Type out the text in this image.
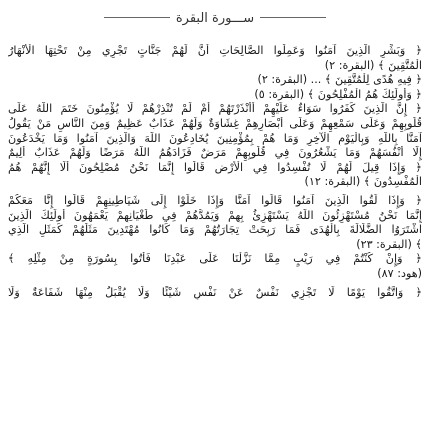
ســـورة البقرة
﴿ وَبَشِّرِ الَّذِينَ آمَنُوا وَعَمِلُوا الصَّالِحَاتِ أَنَّ لَهُمْ جَنَّاتٍ تَجْرِي مِنْ تَحْتِهَا الْأَنْهَارُ
الْمُتَّقِينَ ﴾ (البقرة: ٢)
﴿ فِيهِ هُدًى لِلْمُتَّقِينَ ﴾ ... (البقرة: ٢)
﴿ وَأُولَئِكَ هُمُ الْمُفْلِحُونَ ﴾ (البقرة: ٥)
﴿ إِنَّ الَّذِينَ كَفَرُوا سَوَاءٌ عَلَيْهِمْ أَأَنْذَرْتَهُمْ أَمْ لَمْ تُنْذِرْهُمْ لَا يُؤْمِنُونَ خَتَمَ اللَّهُ عَلَى
قُلُوبِهِمْ وَعَلَى سَمْعِهِمْ وَعَلَى أَبْصَارِهِمْ غِشَاوَةٌ وَلَهُمْ عَذَابٌ عَظِيمٌ وَمِنَ النَّاسِ مَنْ يَقُولُ
آمَنَّا بِاللَّهِ وَبِالْيَوْمِ الْآخِرِ وَمَا هُمْ بِمُؤْمِنِينَ يُخَادِعُونَ اللَّهَ وَالَّذِينَ آمَنُوا وَمَا يَخْدَعُونَ
إِلَّا أَنْفُسَهُمْ وَمَا يَشْعُرُونَ فِي قُلُوبِهِمْ مَرَضٌ فَزَادَهُمُ اللَّهُ مَرَضًا وَلَهُمْ عَذَابٌ أَلِيمٌ
﴿ وَإِذَا قِيلَ لَهُمْ لَا تُفْسِدُوا فِي الْأَرْضِ قَالُوا إِنَّمَا نَحْنُ مُصْلِحُونَ أَلَا إِنَّهُمْ هُمُ
الْمُفْسِدُونَ ﴾ (البقرة: ١٢)
﴿ وَإِذَا لَقُوا الَّذِينَ آمَنُوا قَالُوا آمَنَّا وَإِذَا خَلَوْا إِلَى شَيَاطِينِهِمْ قَالُوا إِنَّا مَعَكُمْ
إِنَّمَا نَحْنُ مُسْتَهْزِئُونَ اللَّهُ يَسْتَهْزِئُ بِهِمْ وَيَمُدُّهُمْ فِي طُغْيَانِهِمْ يَعْمَهُونَ أُولَئِكَ الَّذِينَ
اشْتَرَوُا الضَّلَالَةَ بِالْهُدَى فَمَا رَبِحَتْ تِجَارَتُهُمْ وَمَا كَانُوا مُهْتَدِينَ مَثَلُهُمْ كَمَثَلِ الَّذِي
﴾ (البقرة: ٢٣)
﴿ وَإِنْ كُنْتُمْ فِي رَيْبٍ مِمَّا نَزَّلْنَا عَلَى عَبْدِنَا فَأْتُوا بِسُورَةٍ مِنْ مِثْلِهِ ﴾
(هود: ٨٧)
﴿ وَاتَّقُوا يَوْمًا لَا تَجْزِي نَفْسٌ عَنْ نَفْسٍ شَيْئًا وَلَا يُقْبَلُ مِنْهَا شَفَاعَةٌ وَلَا
